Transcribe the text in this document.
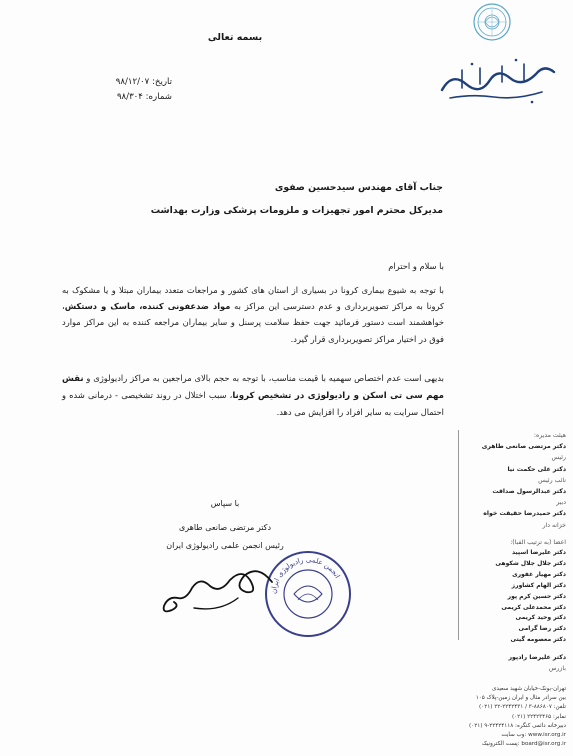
بسمه تعالی
تاریخ: ۹۸/۱۲/۰۷
شماره: ۹۸/۳۰۴
جناب آقای مهندس سیدحسین صفوی
مدیرکل محترم امور تجهیزات و ملزومات پزشکی وزارت بهداشت
با سلام و احترام
با توجه به شیوع بیماری کرونا در بسیاری از استان های کشور و مراجعات متعدد بیماران مبتلا و یا مشکوک به کرونا به مراکز تصویربرداری و عدم دسترسی این مراکز به مواد ضدعفونی کننده، ماسک و دستکش، خواهشمند است دستور فرمائید جهت حفظ سلامت پرسنل و سایر بیماران مراجعه کننده به این مراکز موارد فوق در اختیار مراکز تصویربرداری قرار گیرد.
بدیهی است عدم اختصاص سهمیه با قیمت مناسب، با توجه به حجم بالای مراجعین به مراکز رادیولوژی و نقش مهم سی تی اسکن و رادیولوژی در تشخیص کرونا، سبب اختلال در روند تشخیصی - درمانی شده و احتمال سرایت به سایر افراد را افزایش می دهد.
با سپاس
دکتر مرتضی صانعی طاهری
رئیس انجمن علمی رادیولوژی ایران
انجمن علمی رادیولوژی ایران
هیئت مدیره:
دکتر مرتضی صانعی طاهری
رئیس
دکتر علی حکمت نیا
نائب رئیس
دکتر عبدالرسول صداقت
دبیر
دکتر حمیدرضا حقیقت خواه
خزانه دار
اعضا (به ترتیب الفبا):
دکتر علیرضا اسپید
دکتر جلال جلال شکوهی
دکتر مهیار غفوری
دکتر الهام کشاورز
دکتر حسین کرم پور
دکتر محمدعلی کریمی
دکتر وحید کریمی
دکتر رضا گرامی
دکتر معصومه گیتی
دکتر علیرضا رادپور
بازرس
تهران-بونک-خیابان شهید سعیدی
بین سرادر مثال و ایران زمین-پلاک ۱۰۵
تلفن: ۸۸۶۸۰۷-۳ / ۲۲۴۲۴۳۱-۲۲ (۰۲۱)
نمابر: ۲۲۴۲۳۴۶۵ (۰۲۱)
دبیرخانه دائمی کنگره: ۲۲۴۲۴۱۱۸-۹ (۰۲۱)
www.isr.org.ir :وب سایت
board@isr.org.ir :پست الکترونیک
